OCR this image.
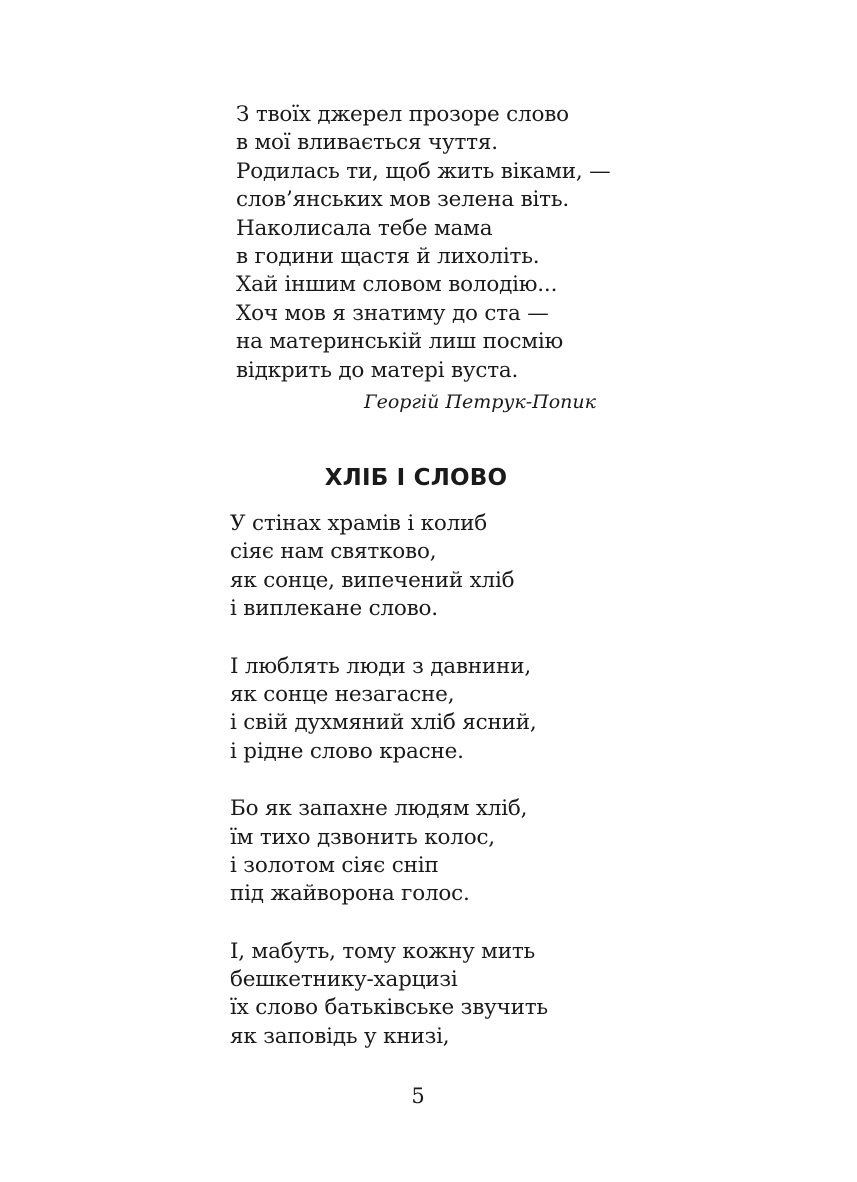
З твоїх джерел прозоре слово
в мої вливається чуття.
Родилась ти, щоб жить віками, —
слов’янських мов зелена віть.
Наколисала тебе мама
в години щастя й лихоліть.
Хай іншим словом володію...
Хоч мов я знатиму до ста —
на материнській лиш посмію
відкрить до матері вуста.
Георгій Петрук-Попик
ХЛІБ І СЛОВО
У стінах храмів і колиб
сіяє нам святково,
як сонце, випечений хліб
і виплекане слово.
І люблять люди з давнини,
як сонце незагасне,
і свій духмяний хліб ясний,
і рідне слово красне.
Бо як запахне людям хліб,
їм тихо дзвонить колос,
і золотом сіяє сніп
під жайворона голос.
І, мабуть, тому кожну мить
бешкетнику-харцизі
їх слово батьківське звучить
як заповідь у книзі,
5
